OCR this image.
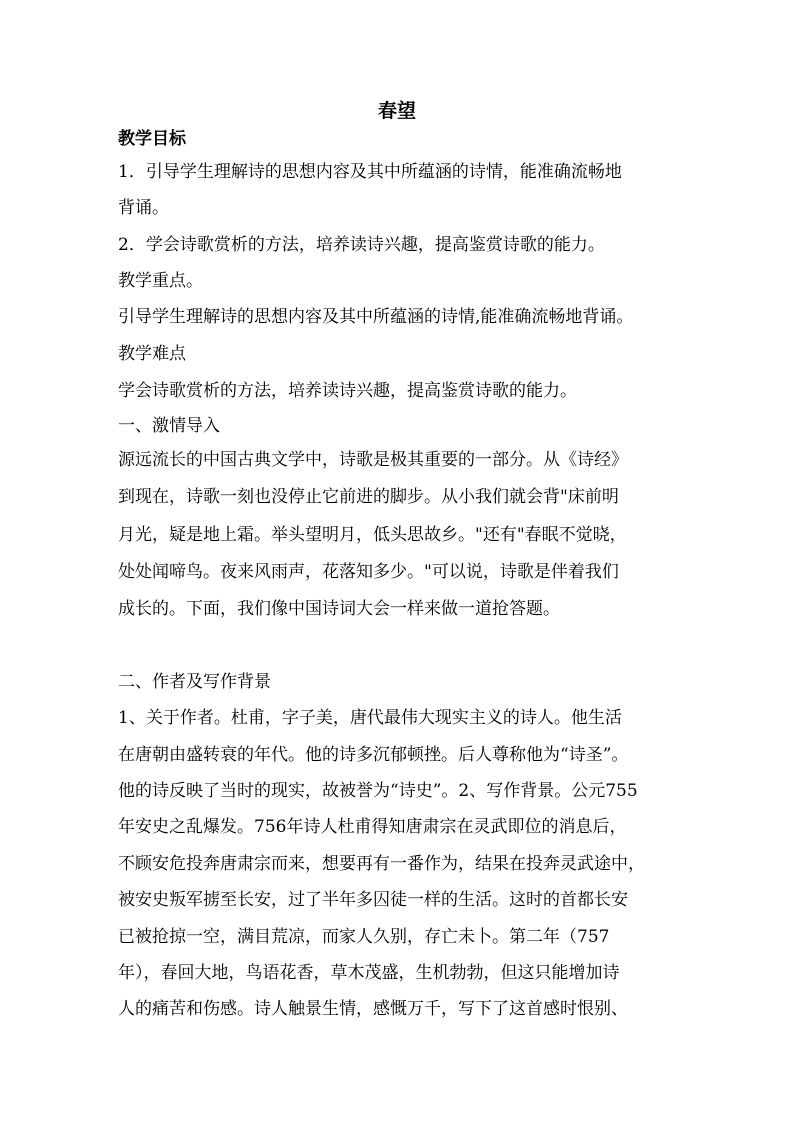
春望
教学目标
1．引导学生理解诗的思想内容及其中所蕴涵的诗情，能准确流畅地
背诵。
2．学会诗歌赏析的方法，培养读诗兴趣，提高鉴赏诗歌的能力。
教学重点。
引导学生理解诗的思想内容及其中所蕴涵的诗情,能准确流畅地背诵。
教学难点
学会诗歌赏析的方法，培养读诗兴趣，提高鉴赏诗歌的能力。
一、激情导入
源远流长的中国古典文学中，诗歌是极其重要的一部分。从《诗经》
到现在，诗歌一刻也没停止它前进的脚步。从小我们就会背"床前明
月光，疑是地上霜。举头望明月，低头思故乡。"还有"春眠不觉晓，
处处闻啼鸟。夜来风雨声，花落知多少。"可以说，诗歌是伴着我们
成长的。下面，我们像中国诗词大会一样来做一道抢答题。
二、作者及写作背景
1、关于作者。杜甫，字子美，唐代最伟大现实主义的诗人。他生活
在唐朝由盛转衰的年代。他的诗多沉郁顿挫。后人尊称他为“诗圣”。
他的诗反映了当时的现实，故被誉为“诗史”。2、写作背景。公元755
年安史之乱爆发。756年诗人杜甫得知唐肃宗在灵武即位的消息后，
不顾安危投奔唐肃宗而来，想要再有一番作为，结果在投奔灵武途中，
被安史叛军掳至长安，过了半年多囚徒一样的生活。这时的首都长安
已被抢掠一空，满目荒凉，而家人久别，存亡未卜。第二年（757
年），春回大地，鸟语花香，草木茂盛，生机勃勃，但这只能增加诗
人的痛苦和伤感。诗人触景生情，感慨万千，写下了这首感时恨别、
